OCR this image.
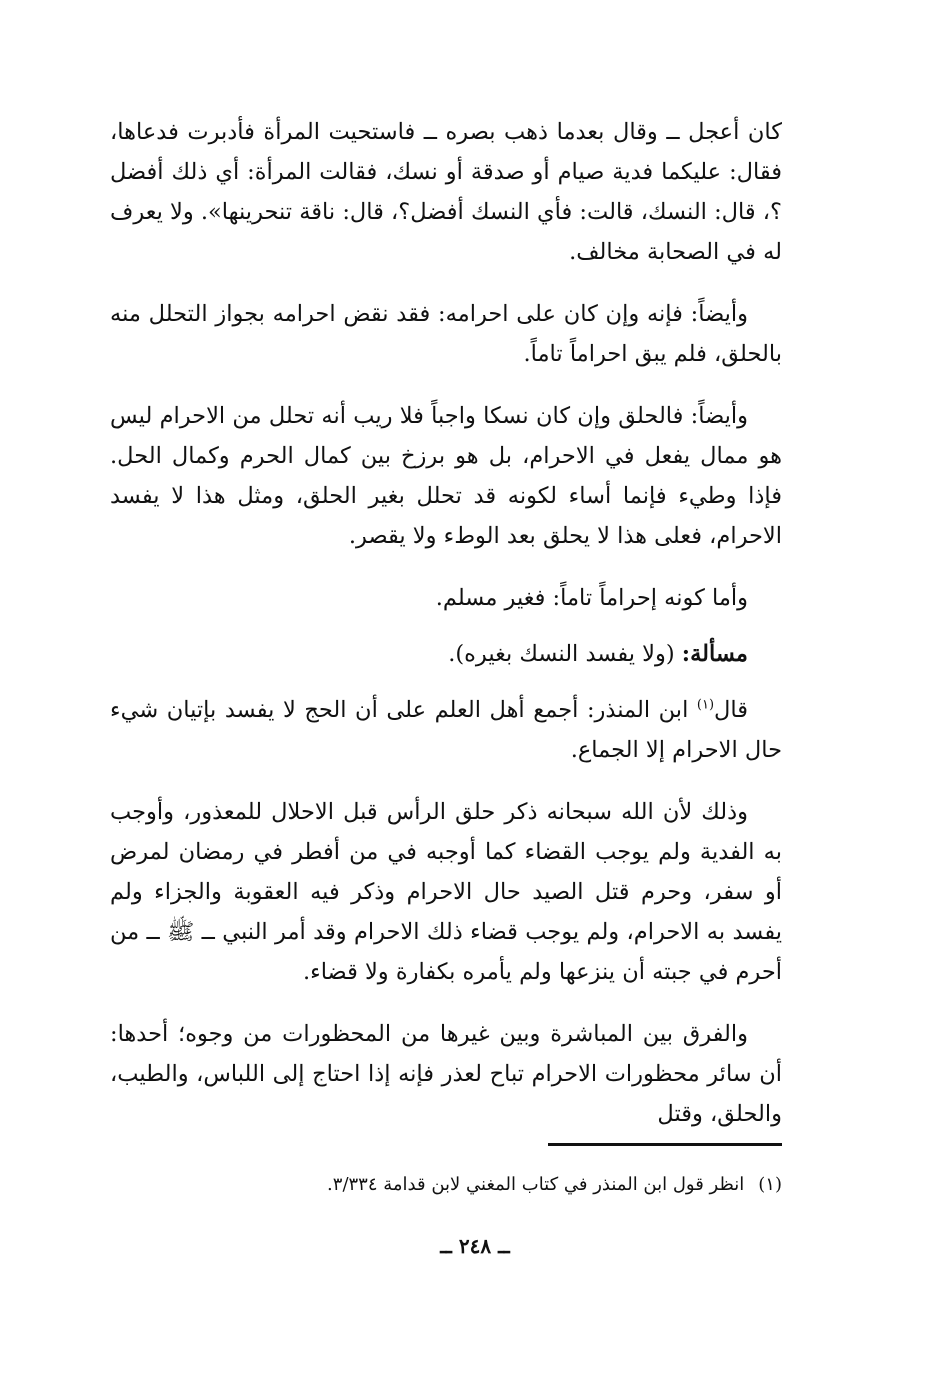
كان أعجل ــ وقال بعدما ذهب بصره ــ فاستحيت المرأة فأدبرت فدعاها، فقال: عليكما فدية صيام أو صدقة أو نسك، فقالت المرأة: أي ذلك أفضل ؟، قال: النسك، قالت: فأي النسك أفضل؟، قال: ناقة تنحرينها». ولا يعرف له في الصحابة مخالف.

وأيضاً: فإنه وإن كان على احرامه: فقد نقض احرامه بجواز التحلل منه بالحلق، فلم يبق احراماً تاماً.

وأيضاً: فالحلق وإن كان نسكا واجباً فلا ريب أنه تحلل من الاحرام ليس هو ممال يفعل في الاحرام، بل هو برزخ بين كمال الحرم وكمال الحل. فإذا وطيء فإنما أساء لكونه قد تحلل بغير الحلق، ومثل هذا لا يفسد الاحرام، فعلى هذا لا يحلق بعد الوطء ولا يقصر.

وأما كونه إحراماً تاماً: فغير مسلم.

مسألة: (ولا يفسد النسك بغيره).

قال$^{(١)}$ ابن المنذر: أجمع أهل العلم على أن الحج لا يفسد بإتيان شيء حال الاحرام إلا الجماع.

وذلك لأن الله سبحانه ذكر حلق الرأس قبل الاحلال للمعذور، وأوجب به الفدية ولم يوجب القضاء كما أوجبه في من أفطر في رمضان لمرض أو سفر، وحرم قتل الصيد حال الاحرام وذكر فيه العقوبة والجزاء ولم يفسد به الاحرام، ولم يوجب قضاء ذلك الاحرام وقد أمر النبي ــ ﷺ ــ من أحرم في جبته أن ينزعها ولم يأمره بكفارة ولا قضاء.

والفرق بين المباشرة وبين غيرها من المحظورات من وجوه؛ أحدها: أن سائر محظورات الاحرام تباح لعذر فإنه إذا احتاج إلى اللباس، والطيب، والحلق، وقتل

(١)انظر قول ابن المنذر في كتاب المغني لابن قدامة ٣/٣٣٤.
ــ ٢٤٨ ــ
